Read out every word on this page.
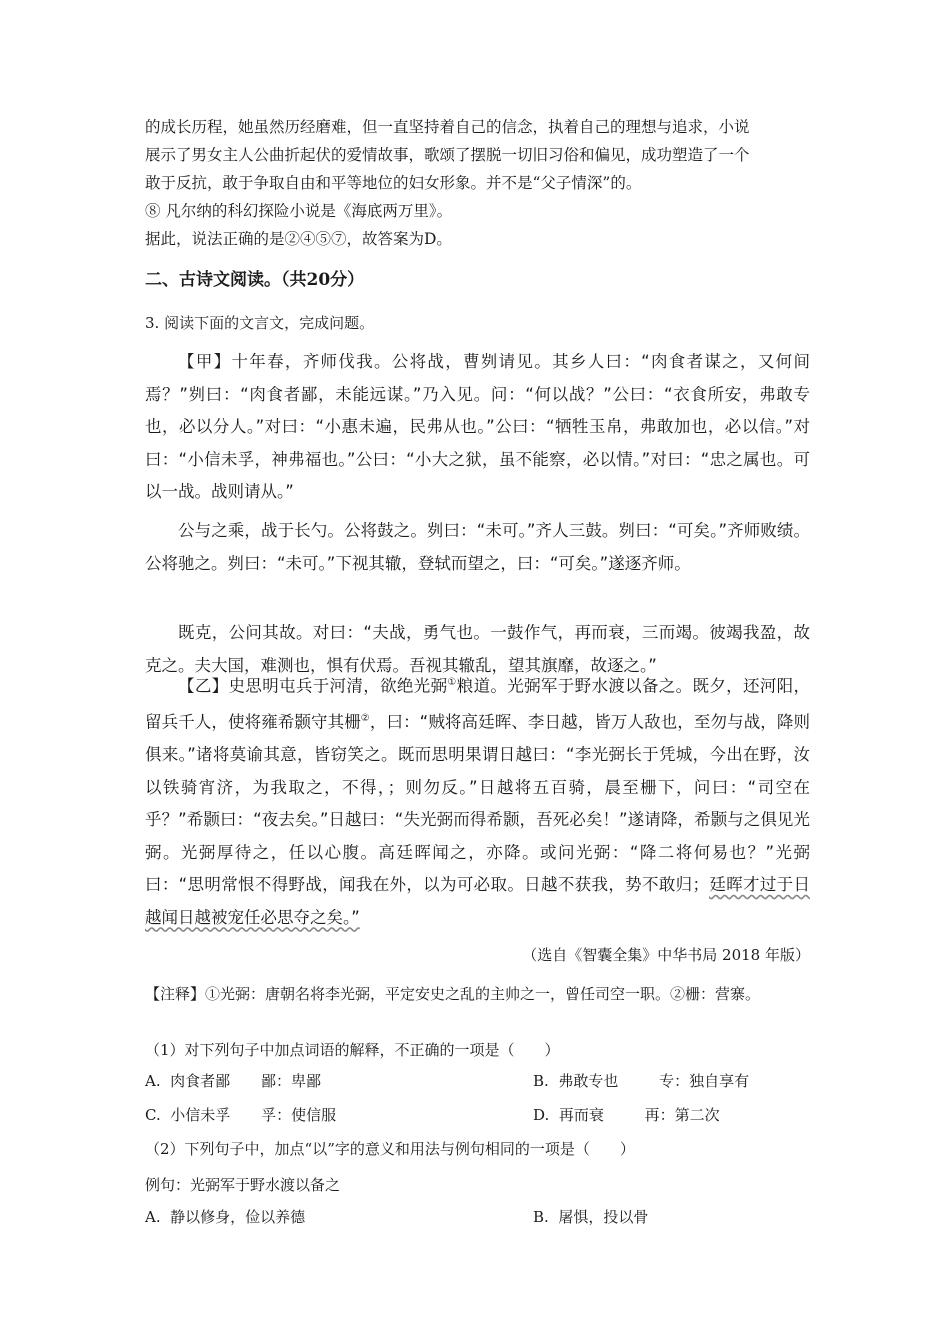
的成长历程，她虽然历经磨难，但一直坚持着自己的信念，执着自己的理想与追求，小说
展示了男女主人公曲折起伏的爱情故事，歌颂了摆脱一切旧习俗和偏见，成功塑造了一个
敢于反抗，敢于争取自由和平等地位的妇女形象。并不是“父子情深”的。
⑧ 凡尔纳的科幻探险小说是《海底两万里》。
据此，说法正确的是②④⑤⑦，故答案为D。
二、古诗文阅读。（共20分）
3. 阅读下面的文言文，完成问题。

【甲】十年春，齐师伐我。公将战，曹刿请见。其乡人曰：“肉食者谋之，又何间焉？”刿曰：“肉食者鄙，未能远谋。”乃入见。问：“何以战？”公曰：“衣食所安，弗敢专也，必以分人。”对曰：“小惠未遍，民弗从也。”公曰：“牺牲玉帛，弗敢加也，必以信。”对曰：“小信未孚，神弗福也。”公曰：“小大之狱，虽不能察，必以情。”对曰：“忠之属也。可以一战。战则请从。”

公与之乘，战于长勺。公将鼓之。刿曰：“未可。”齐人三鼓。刿曰：“可矣。”齐师败绩。公将驰之。刿曰：“未可。”下视其辙，登轼而望之，曰：“可矣。”遂逐齐师。

既克，公问其故。对曰：“夫战，勇气也。一鼓作气，再而衰，三而竭。彼竭我盈，故克之。夫大国，难测也，惧有伏焉。吾视其辙乱，望其旗靡，故逐之。”

【乙】史思明屯兵于河清，欲绝光弼①粮道。光弼军于野水渡以备之。既夕，还河阳，留兵千人，使将雍希颢守其栅②，曰：“贼将高廷晖、李日越，皆万人敌也，至勿与战，降则俱来。”诸将莫谕其意，皆窃笑之。既而思明果谓日越曰：“李光弼长于凭城，今出在野，汝以铁骑宵济，为我取之，不得，；则勿反。”日越将五百骑，晨至栅下，问曰：“司空在乎？”希颢曰：“夜去矣。”日越曰：“失光弼而得希颢，吾死必矣！”遂请降，希颢与之俱见光弼。光弼厚待之，任以心腹。高廷晖闻之，亦降。或问光弼：“降二将何易也？”光弼曰：“思明常恨不得野战，闻我在外，以为可必取。日越不获我，势不敢归；廷晖才过于日越闻日越被宠任必思夺之矣。”

（选自《智囊全集》中华书局 2018 年版）
【注释】①光弼：唐朝名将李光弼，平定安史之乱的主帅之一，曾任司空一职。②栅：营寨。
（1）对下列句子中加点词语的解释，不正确的一项是（　　）
A. 肉食者鄙 鄙：卑鄙	B. 弗敢专也	专：独自享有
C. 小信未孚 孚：使信服	D. 再而衰	再：第二次
（2）下列句子中，加点“以”字的意义和用法与例句相同的一项是（　　）
例句：光弼军于野水渡以备之
A. 静以修身，俭以养德	B. 屠惧，投以骨
